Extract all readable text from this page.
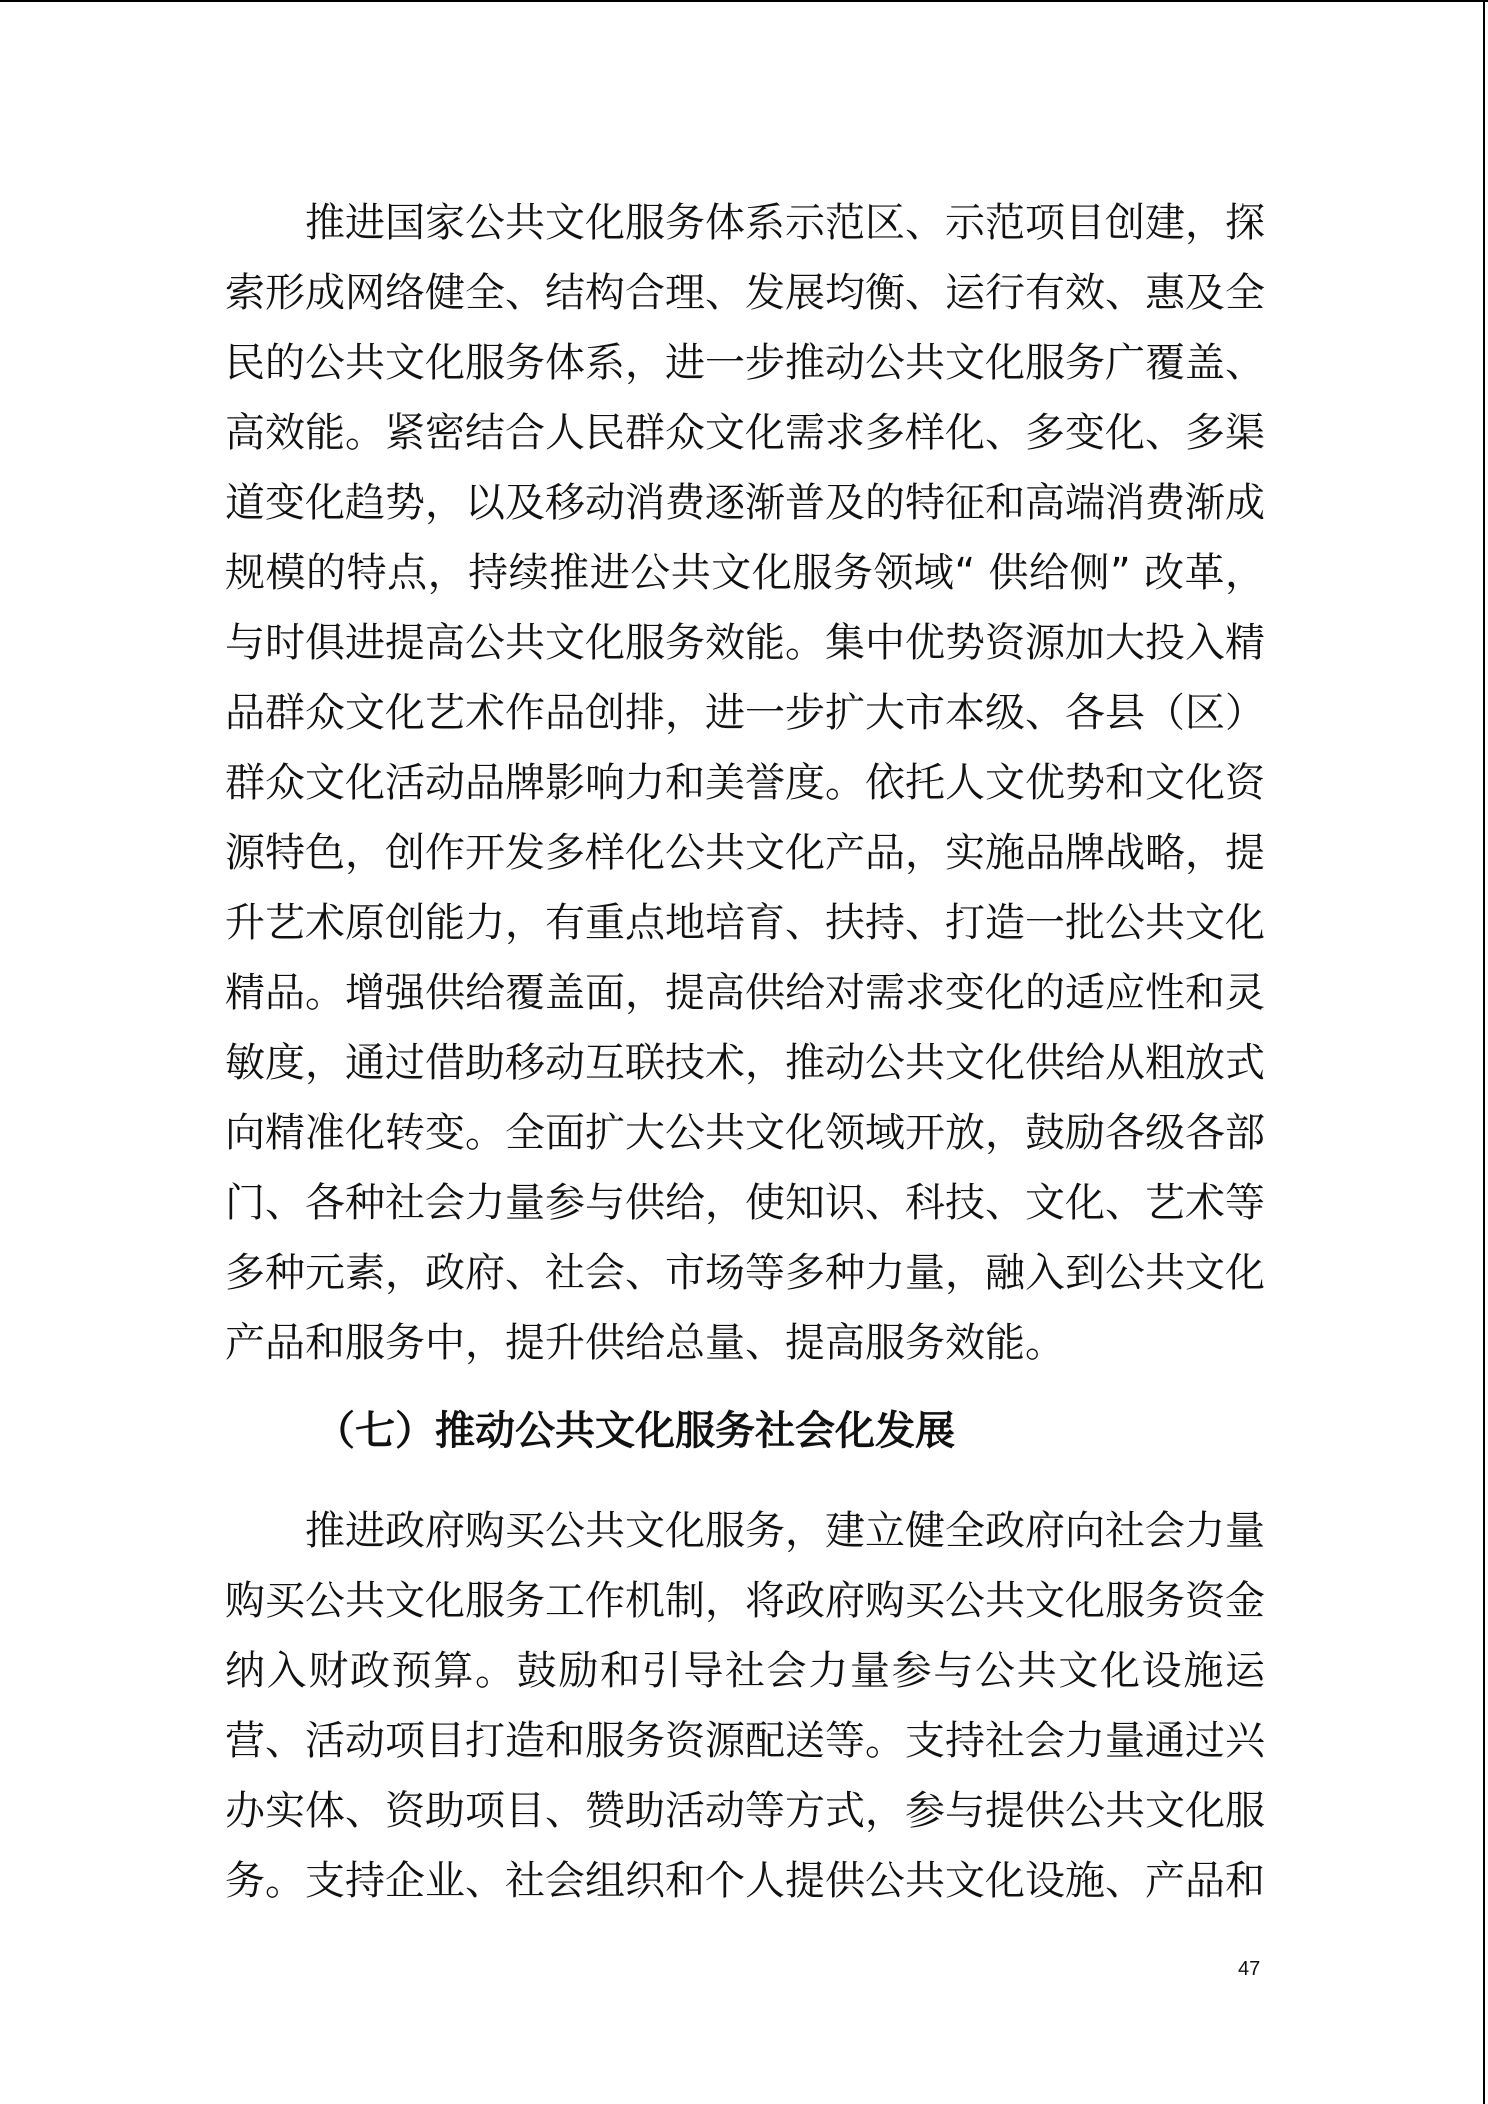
推进国家公共文化服务体系示范区、示范项目创建，探
索形成网络健全、结构合理、发展均衡、运行有效、惠及全
民的公共文化服务体系，进一步推动公共文化服务广覆盖、
高效能。紧密结合人民群众文化需求多样化、多变化、多渠
道变化趋势，以及移动消费逐渐普及的特征和高端消费渐成
规模的特点，持续推进公共文化服务领域“ 供给侧” 改革，
与时俱进提高公共文化服务效能。集中优势资源加大投入精
品群众文化艺术作品创排，进一步扩大市本级、各县（区）
群众文化活动品牌影响力和美誉度。依托人文优势和文化资
源特色，创作开发多样化公共文化产品，实施品牌战略，提
升艺术原创能力，有重点地培育、扶持、打造一批公共文化
精品。增强供给覆盖面，提高供给对需求变化的适应性和灵
敏度，通过借助移动互联技术，推动公共文化供给从粗放式
向精准化转变。全面扩大公共文化领域开放，鼓励各级各部
门、各种社会力量参与供给，使知识、科技、文化、艺术等
多种元素，政府、社会、市场等多种力量，融入到公共文化
产品和服务中，提升供给总量、提高服务效能。
推进政府购买公共文化服务，建立健全政府向社会力量
购买公共文化服务工作机制，将政府购买公共文化服务资金
纳入财政预算。鼓励和引导社会力量参与公共文化设施运
营、活动项目打造和服务资源配送等。支持社会力量通过兴
办实体、资助项目、赞助活动等方式，参与提供公共文化服
务。支持企业、社会组织和个人提供公共文化设施、产品和
（七）推动公共文化服务社会化发展
47
